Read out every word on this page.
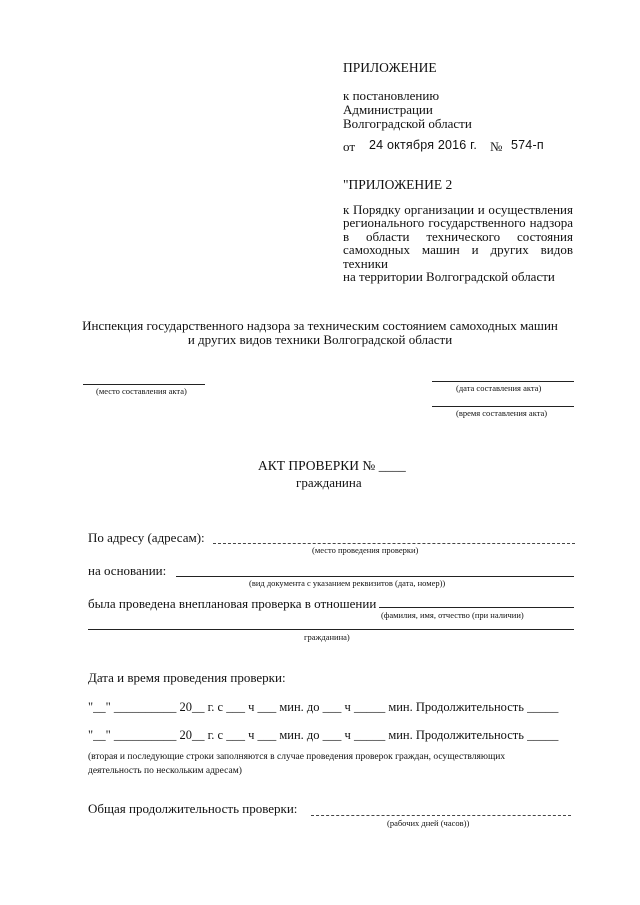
ПРИЛОЖЕНИЕ
к постановлению
Администрации
Волгоградской области
от 24 октября 2016 г. № 574-п
"ПРИЛОЖЕНИЕ 2
к Порядку организации и осуществления
регионального государственного надзора
в области технического состояния
самоходных машин и других видов техники
на территории Волгоградской области
Инспекция государственного надзора за техническим состоянием самоходных машин
и других видов техники Волгоградской области
(место составления акта)	(дата составления акта)
(время составления акта)
АКТ ПРОВЕРКИ № ____
гражданина
По адресу (адресам):
(место проведения проверки)
на основании:
(вид документа с указанием реквизитов (дата, номер))
была проведена внеплановая проверка в отношении
(фамилия, имя, отчество (при наличии)
гражданина)
Дата и время проведения проверки:
"__" __________ 20__ г. с ___ ч ___ мин. до ___ ч _____ мин. Продолжительность _____
"__" __________ 20__ г. с ___ ч ___ мин. до ___ ч _____ мин. Продолжительность _____
(вторая и последующие строки заполняются в случае проведения проверок граждан, осуществляющих
деятельность по нескольким адресам)
Общая продолжительность проверки:
(рабочих дней (часов))
